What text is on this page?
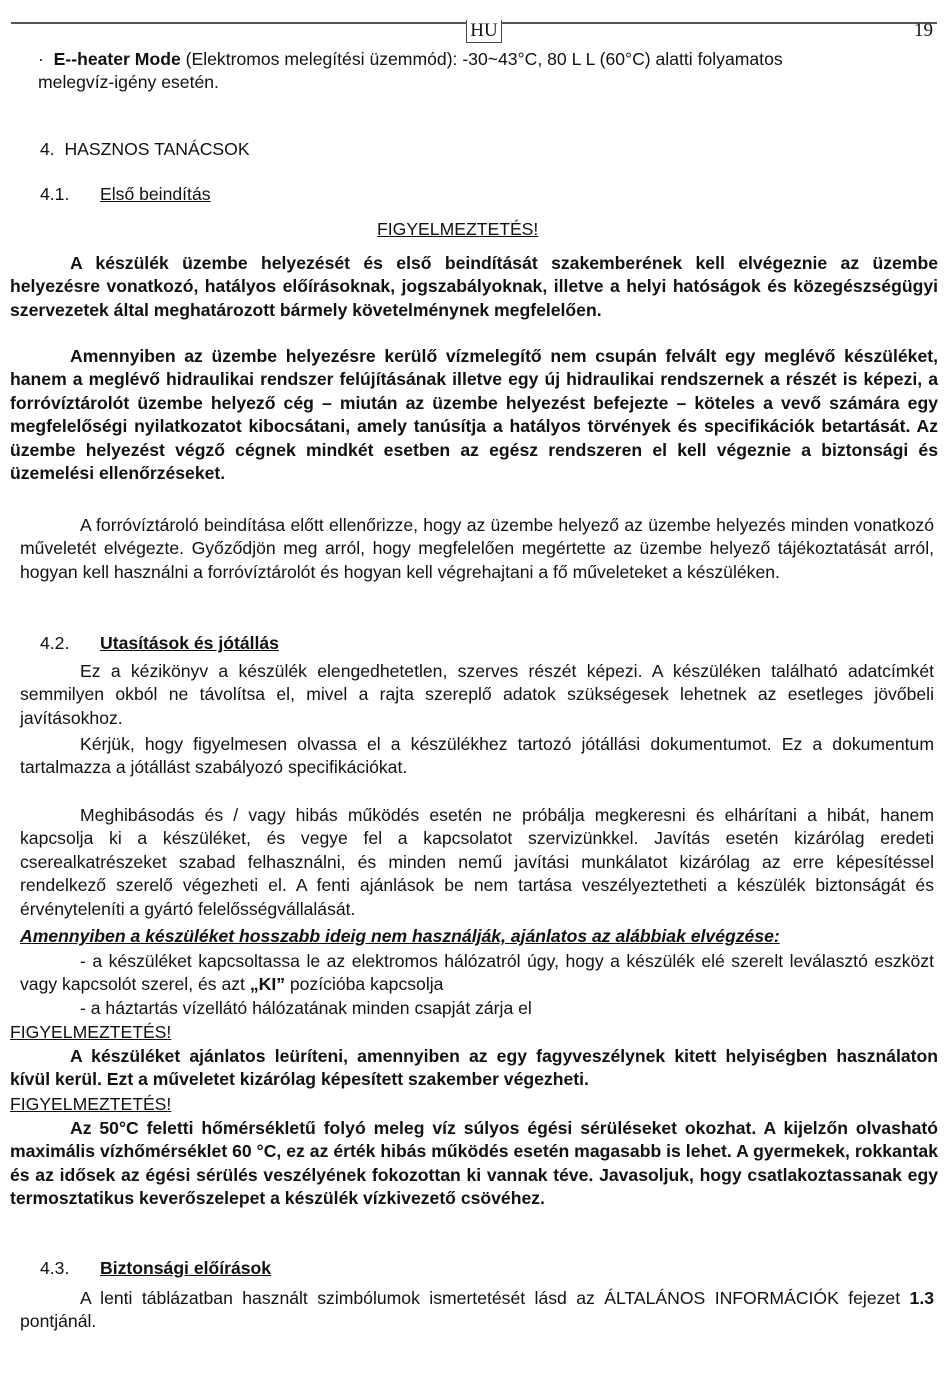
HU	19

· E--heater Mode (Elektromos melegítési üzemmód): -30~43°C, 80 L L (60°C) alatti folyamatos melegvíz-igény esetén.

4. HASZNOS TANÁCSOK
4.1. Első beindítás
FIGYELMEZTETÉS!

A készülék üzembe helyezését és első beindítását szakemberének kell elvégeznie az üzembe helyezésre vonatkozó, hatályos előírásoknak, jogszabályoknak, illetve a helyi hatóságok és közegészségügyi szervezetek által meghatározott bármely követelménynek megfelelően.

Amennyiben az üzembe helyezésre kerülő vízmelegítő nem csupán felvált egy meglévő készüléket, hanem a meglévő hidraulikai rendszer felújításának illetve egy új hidraulikai rendszernek a részét is képezi, a forróvíztárolót üzembe helyező cég – miután az üzembe helyezést befejezte – köteles a vevő számára egy megfelelőségi nyilatkozatot kibocsátani, amely tanúsítja a hatályos törvények és specifikációk betartását. Az üzembe helyezést végző cégnek mindkét esetben az egész rendszeren el kell végeznie a biztonsági és üzemelési ellenőrzéseket.

A forróvíztároló beindítása előtt ellenőrizze, hogy az üzembe helyező az üzembe helyezés minden vonatkozó műveletét elvégezte. Győződjön meg arról, hogy megfelelően megértette az üzembe helyező tájékoztatását arról, hogyan kell használni a forróvíztárolót és hogyan kell végrehajtani a fő műveleteket a készüléken.

4.2. Utasítások és jótállás

Ez a kézikönyv a készülék elengedhetetlen, szerves részét képezi. A készüléken található adatcímkét semmilyen okból ne távolítsa el, mivel a rajta szereplő adatok szükségesek lehetnek az esetleges jövőbeli javításokhoz.

Kérjük, hogy figyelmesen olvassa el a készülékhez tartozó jótállási dokumentumot. Ez a dokumentum tartalmazza a jótállást szabályozó specifikációkat.

Meghibásodás és / vagy hibás működés esetén ne próbálja megkeresni és elhárítani a hibát, hanem kapcsolja ki a készüléket, és vegye fel a kapcsolatot szervizünkkel. Javítás esetén kizárólag eredeti cserealkatrészeket szabad felhasználni, és minden nemű javítási munkálatot kizárólag az erre képesítéssel rendelkező szerelő végezheti el. A fenti ajánlások be nem tartása veszélyeztetheti a készülék biztonságát és érvényteleníti a gyártó felelősségvállalását.

Amennyiben a készüléket hosszabb ideig nem használják, ajánlatos az alábbiak elvégzése:

- a készüléket kapcsoltassa le az elektromos hálózatról úgy, hogy a készülék elé szerelt leválasztó eszközt vagy kapcsolót szerel, és azt „KI” pozícióba kapcsolja

- a háztartás vízellátó hálózatának minden csapját zárja el

FIGYELMEZTETÉS!

A készüléket ajánlatos leüríteni, amennyiben az egy fagyveszélynek kitett helyiségben használaton kívül kerül. Ezt a műveletet kizárólag képesített szakember végezheti.

FIGYELMEZTETÉS!

Az 50°C feletti hőmérsékletű folyó meleg víz súlyos égési sérüléseket okozhat. A kijelzőn olvasható maximális vízhőmérséklet 60 °C, ez az érték hibás működés esetén magasabb is lehet. A gyermekek, rokkantak és az idősek az égési sérülés veszélyének fokozottan ki vannak téve. Javasoljuk, hogy csatlakoztassanak egy termosztatikus keverőszelepet a készülék vízkivezető csövéhez.

4.3. Biztonsági előírások

A lenti táblázatban használt szimbólumok ismertetését lásd az ÁLTALÁNOS INFORMÁCIÓK fejezet 1.3 pontjánál.
